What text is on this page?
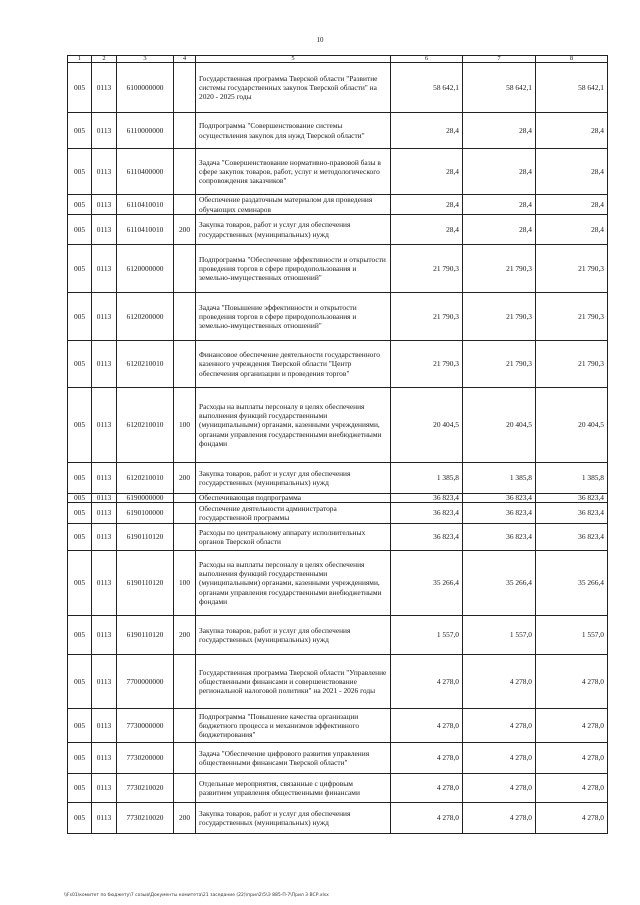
10
1	2	3	4	5	6	7	8
005	0113	6100000000		Государственная программа Тверской области "Развитие системы государственных закупок Тверской области" на 2020 - 2025 годы	58 642,1	58 642,1	58 642,1
005	0113	6110000000		Подпрограмма "Совершенствование системы осуществления закупок для нужд Тверской области"	28,4	28,4	28,4
005	0113	6110400000		Задача "Совершенствование нормативно-правовой базы в сфере закупок товаров, работ, услуг и методологического сопровождения заказчиков"	28,4	28,4	28,4
005	0113	6110410010		Обеспечение раздаточным материалом для проведения обучающих семинаров	28,4	28,4	28,4
005	0113	6110410010	200	Закупка товаров, работ и услуг для обеспечения государственных (муниципальных) нужд	28,4	28,4	28,4
005	0113	6120000000		Подпрограмма "Обеспечение эффективности и открытости проведения торгов в сфере природопользования и земельно-имущественных отношений"	21 790,3	21 790,3	21 790,3
005	0113	6120200000		Задача "Повышение эффективности и открытости проведения торгов в сфере природопользования и земельно-имущественных отношений"	21 790,3	21 790,3	21 790,3
005	0113	6120210010		Финансовое обеспечение деятельности государственного казенного учреждения Тверской области "Центр обеспечения организации и проведения торгов"	21 790,3	21 790,3	21 790,3
005	0113	6120210010	100	Расходы на выплаты персоналу в целях обеспечения выполнения функций государственными (муниципальными) органами, казенными учреждениями, органами управления государственными внебюджетными фондами	20 404,5	20 404,5	20 404,5
005	0113	6120210010	200	Закупка товаров, работ и услуг для обеспечения государственных (муниципальных) нужд	1 385,8	1 385,8	1 385,8
005	0113	6190000000		Обеспечивающая подпрограмма	36 823,4	36 823,4	36 823,4
005	0113	6190100000		Обеспечение деятельности администратора государственной программы	36 823,4	36 823,4	36 823,4
005	0113	6190110120		Расходы по центральному аппарату исполнительных органов Тверской области	36 823,4	36 823,4	36 823,4
005	0113	6190110120	100	Расходы на выплаты персоналу в целях обеспечения выполнения функций государственными (муниципальными) органами, казенными учреждениями, органами управления государственными внебюджетными фондами	35 266,4	35 266,4	35 266,4
005	0113	6190110120	200	Закупка товаров, работ и услуг для обеспечения государственных (муниципальных) нужд	1 557,0	1 557,0	1 557,0
005	0113	7700000000		Государственная программа Тверской области "Управление общественными финансами и совершенствование региональной налоговой политики" на 2021 - 2026 годы	4 278,0	4 278,0	4 278,0
005	0113	7730000000		Подпрограмма "Повышение качества организации бюджетного процесса и механизмов эффективного бюджетирования"	4 278,0	4 278,0	4 278,0
005	0113	7730200000		Задача "Обеспечение цифрового развития управления общественными финансами Тверской области"	4 278,0	4 278,0	4 278,0
005	0113	7730210020		Отдельные мероприятия, связанные с цифровым развитием управления общественными финансами	4 278,0	4 278,0	4 278,0
005	0113	7730210020	200	Закупка товаров, работ и услуг для обеспечения государственных (муниципальных) нужд	4 278,0	4 278,0	4 278,0
\\Fs01\комитет по бюджету\7 созыв\Документы комитета\21 заседание (22)\прил2\5\Э 885-П-7\Прил 3 ВСР.xlsx
